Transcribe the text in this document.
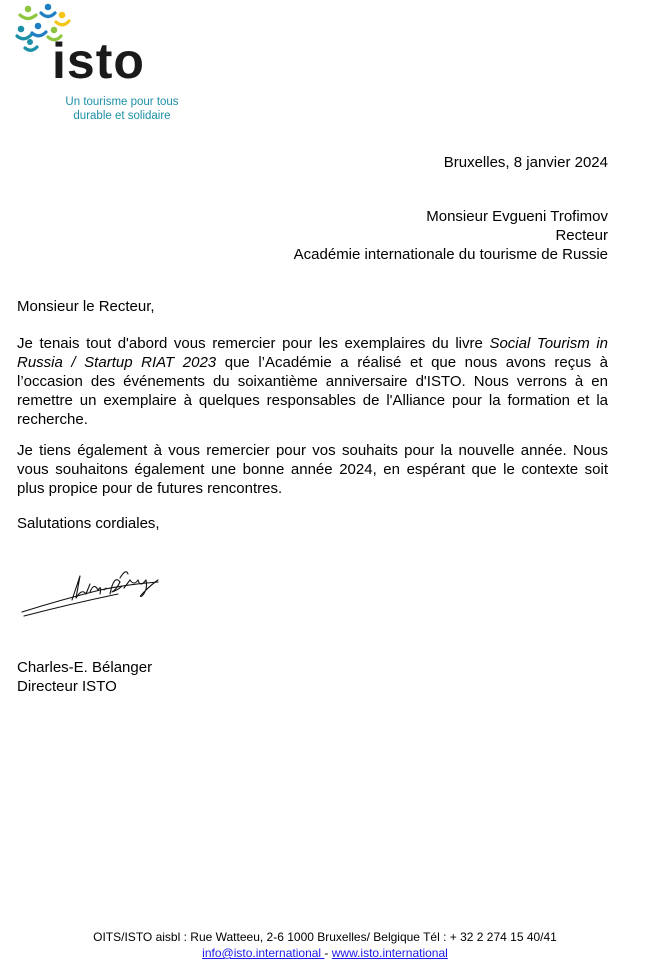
isto
Un tourisme pour tous
durable et solidaire
Bruxelles, 8 janvier 2024
Monsieur Evgueni Trofimov
Recteur
Académie internationale du tourisme de Russie
Monsieur le Recteur,
Je tenais tout d'abord vous remercier pour les exemplaires du livre Social Tourism in Russia / Startup RIAT 2023 que l’Académie a réalisé et que nous avons reçus à l’occasion des événements du soixantième anniversaire d'ISTO. Nous verrons à en remettre un exemplaire à quelques responsables de l'Alliance pour la formation et la recherche.
Je tiens également à vous remercier pour vos souhaits pour la nouvelle année. Nous vous souhaitons également une bonne année 2024, en espérant que le contexte soit plus propice pour de futures rencontres.
Salutations cordiales,
Charles-E. Bélanger
Directeur ISTO
OITS/ISTO aisbl : Rue Watteeu, 2-6 1000 Bruxelles/ Belgique Tél : + 32 2 274 15 40/41
info@isto.international - www.isto.international
